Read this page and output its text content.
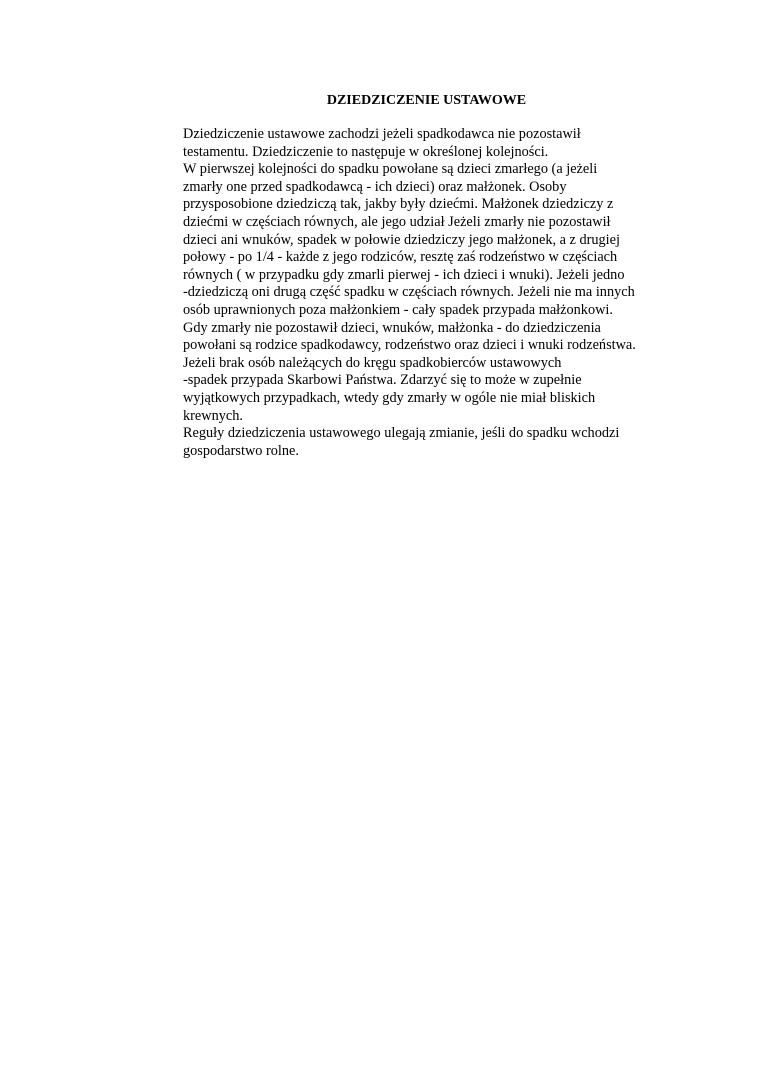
DZIEDZICZENIE USTAWOWE
Dziedziczenie ustawowe zachodzi jeżeli spadkodawca nie pozostawił
testamentu. Dziedziczenie to następuje w określonej kolejności.
W pierwszej kolejności do spadku powołane są dzieci zmarłego (a jeżeli
zmarły one przed spadkodawcą - ich dzieci) oraz małżonek. Osoby
przysposobione dziedziczą tak, jakby były dziećmi. Małżonek dziedziczy z
dziećmi w częściach równych, ale jego udział Jeżeli zmarły nie pozostawił
dzieci ani wnuków, spadek w połowie dziedziczy jego małżonek, a z drugiej
połowy - po 1/4 - każde z jego rodziców, resztę zaś rodzeństwo w częściach
równych ( w przypadku gdy zmarli pierwej - ich dzieci i wnuki). Jeżeli jedno
-dziedziczą oni drugą część spadku w częściach równych. Jeżeli nie ma innych
osób uprawnionych poza małżonkiem - cały spadek przypada małżonkowi.
Gdy zmarły nie pozostawił dzieci, wnuków, małżonka - do dziedziczenia
powołani są rodzice spadkodawcy, rodzeństwo oraz dzieci i wnuki rodzeństwa.
Jeżeli brak osób należących do kręgu spadkobierców ustawowych
-spadek przypada Skarbowi Państwa. Zdarzyć się to może w zupełnie
wyjątkowych przypadkach, wtedy gdy zmarły w ogóle nie miał bliskich
krewnych.
Reguły dziedziczenia ustawowego ulegają zmianie, jeśli do spadku wchodzi
gospodarstwo rolne.
